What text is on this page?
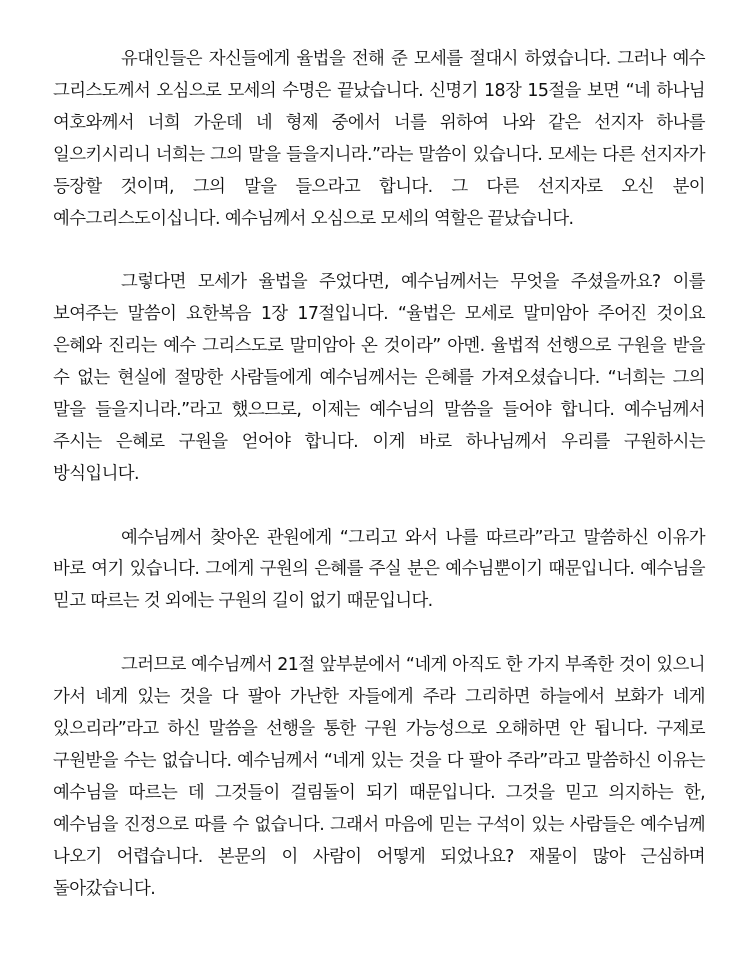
유대인들은 자신들에게 율법을 전해 준 모세를 절대시 하였습니다. 그러나 예수 그리스도께서 오심으로 모세의 수명은 끝났습니다. 신명기 18장 15절을 보면 “네 하나님 여호와께서 너희 가운데 네 형제 중에서 너를 위하여 나와 같은 선지자 하나를 일으키시리니 너희는 그의 말을 들을지니라.”라는 말씀이 있습니다. 모세는 다른 선지자가 등장할 것이며, 그의 말을 들으라고 합니다. 그 다른 선지자로 오신 분이 예수그리스도이십니다. 예수님께서 오심으로 모세의 역할은 끝났습니다.

그렇다면 모세가 율법을 주었다면, 예수님께서는 무엇을 주셨을까요? 이를 보여주는 말씀이 요한복음 1장 17절입니다. “율법은 모세로 말미암아 주어진 것이요 은혜와 진리는 예수 그리스도로 말미암아 온 것이라” 아멘. 율법적 선행으로 구원을 받을 수 없는 현실에 절망한 사람들에게 예수님께서는 은혜를 가져오셨습니다. “너희는 그의 말을 들을지니라.”라고 했으므로, 이제는 예수님의 말씀을 들어야 합니다. 예수님께서 주시는 은혜로 구원을 얻어야 합니다. 이게 바로 하나님께서 우리를 구원하시는 방식입니다.

예수님께서 찾아온 관원에게 “그리고 와서 나를 따르라”라고 말씀하신 이유가 바로 여기 있습니다. 그에게 구원의 은혜를 주실 분은 예수님뿐이기 때문입니다. 예수님을 믿고 따르는 것 외에는 구원의 길이 없기 때문입니다.

그러므로 예수님께서 21절 앞부분에서 “네게 아직도 한 가지 부족한 것이 있으니 가서 네게 있는 것을 다 팔아 가난한 자들에게 주라 그리하면 하늘에서 보화가 네게 있으리라”라고 하신 말씀을 선행을 통한 구원 가능성으로 오해하면 안 됩니다. 구제로 구원받을 수는 없습니다. 예수님께서 “네게 있는 것을 다 팔아 주라”라고 말씀하신 이유는 예수님을 따르는 데 그것들이 걸림돌이 되기 때문입니다. 그것을 믿고 의지하는 한, 예수님을 진정으로 따를 수 없습니다. 그래서 마음에 믿는 구석이 있는 사람들은 예수님께 나오기 어렵습니다. 본문의 이 사람이 어떻게 되었나요? 재물이 많아 근심하며 돌아갔습니다.
